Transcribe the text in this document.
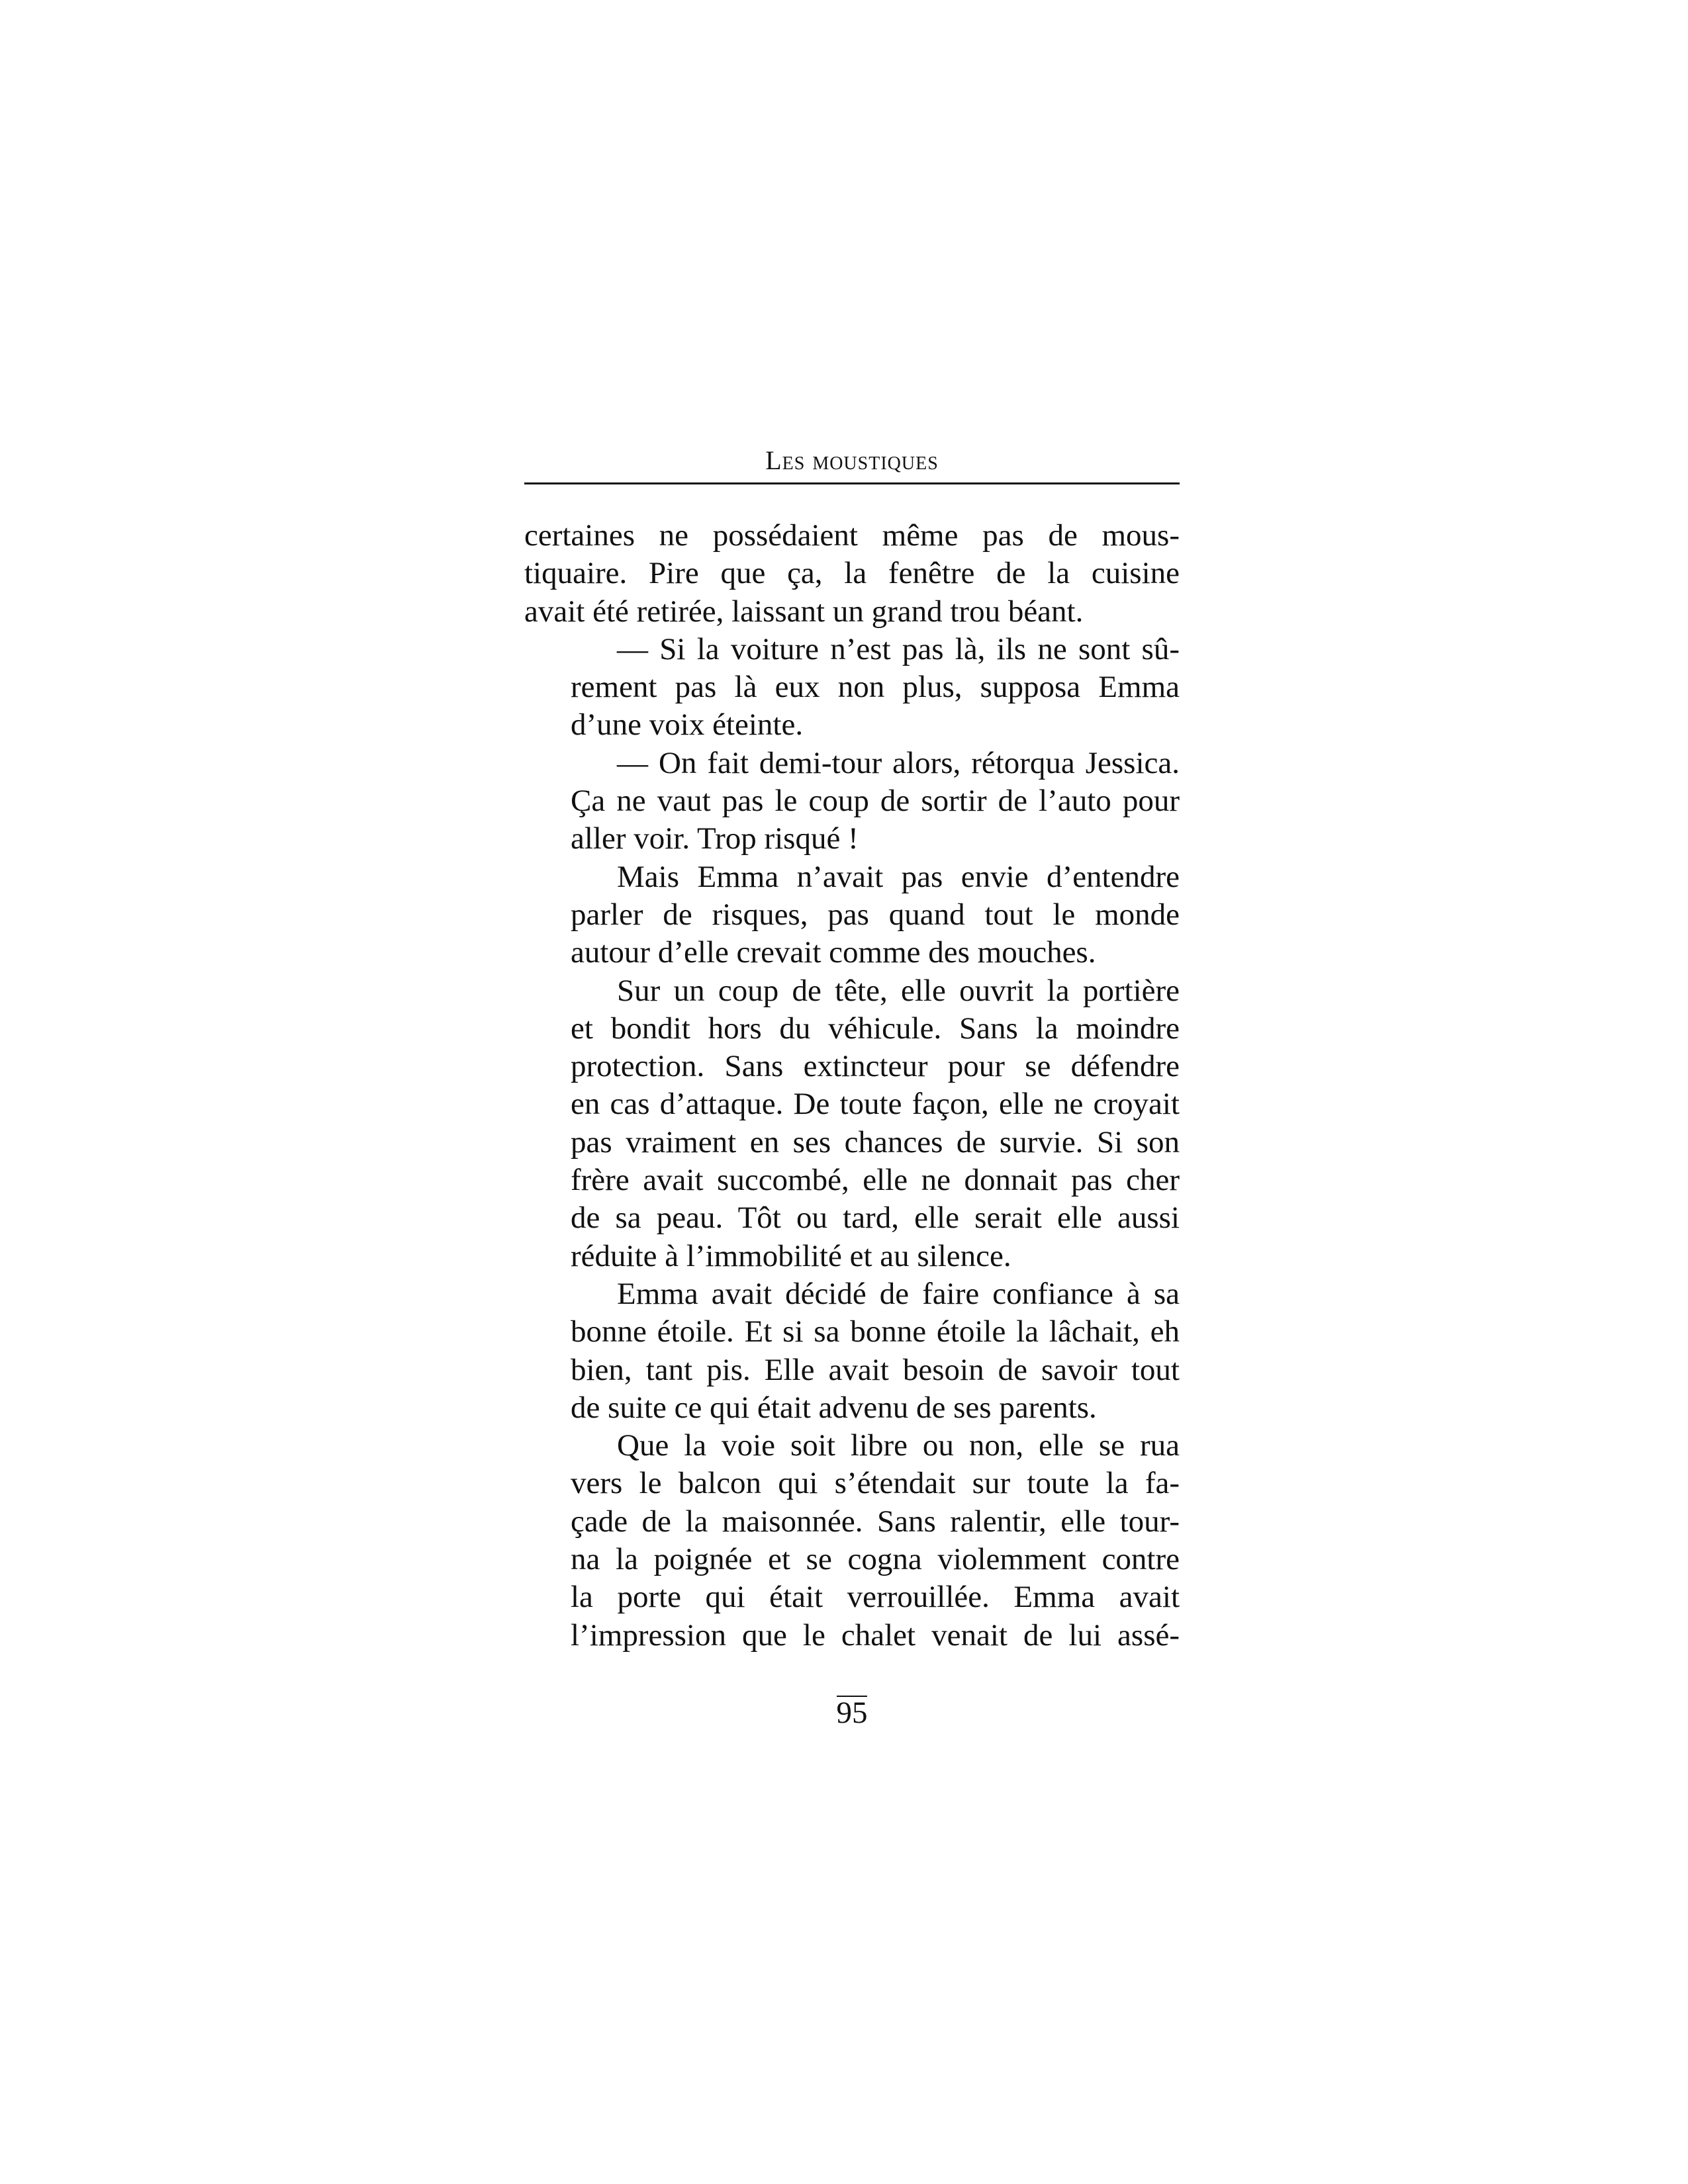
Les moustiques
certaines ne possédaient même pas de mous-
tiquaire. Pire que ça, la fenêtre de la cuisine
avait été retirée, laissant un grand trou béant.
— Si la voiture n’est pas là, ils ne sont sû-
rement pas là eux non plus, supposa Emma
d’une voix éteinte.
— On fait demi-tour alors, rétorqua Jessica.
Ça ne vaut pas le coup de sortir de l’auto pour
aller voir. Trop risqué !
Mais Emma n’avait pas envie d’entendre
parler de risques, pas quand tout le monde
autour d’elle crevait comme des mouches.
Sur un coup de tête, elle ouvrit la portière
et bondit hors du véhicule. Sans la moindre
protection. Sans extincteur pour se défendre
en cas d’attaque. De toute façon, elle ne croyait
pas vraiment en ses chances de survie. Si son
frère avait succombé, elle ne donnait pas cher
de sa peau. Tôt ou tard, elle serait elle aussi
réduite à l’immobilité et au silence.
Emma avait décidé de faire confiance à sa
bonne étoile. Et si sa bonne étoile la lâchait, eh
bien, tant pis. Elle avait besoin de savoir tout
de suite ce qui était advenu de ses parents.
Que la voie soit libre ou non, elle se rua
vers le balcon qui s’étendait sur toute la fa-
çade de la maisonnée. Sans ralentir, elle tour-
na la poignée et se cogna violemment contre
la porte qui était verrouillée. Emma avait
l’impression que le chalet venait de lui assé-
95
